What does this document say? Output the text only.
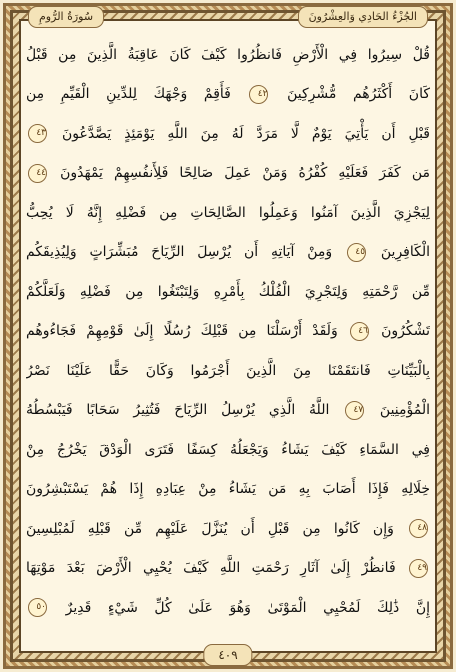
الجُزْءُ الحَادِي وَالعِشْرُونَ
سُورَةُ الرُّومِ
قُلْ سِيرُوا فِي الْأَرْضِ فَانظُرُوا كَيْفَ كَانَ عَاقِبَةُ الَّذِينَ مِن قَبْلُ
كَانَ أَكْثَرُهُم مُّشْرِكِينَ ٤٢ فَأَقِمْ وَجْهَكَ لِلدِّينِ الْقَيِّمِ مِن
قَبْلِ أَن يَأْتِيَ يَوْمٌ لَّا مَرَدَّ لَهُ مِنَ اللَّهِ يَوْمَئِذٍ يَصَّدَّعُونَ ٤٣
مَن كَفَرَ فَعَلَيْهِ كُفْرُهُ وَمَنْ عَمِلَ صَالِحًا فَلِأَنفُسِهِمْ يَمْهَدُونَ ٤٤
لِيَجْزِيَ الَّذِينَ آمَنُوا وَعَمِلُوا الصَّالِحَاتِ مِن فَضْلِهِ إِنَّهُ لَا يُحِبُّ
الْكَافِرِينَ ٤٥ وَمِنْ آيَاتِهِ أَن يُرْسِلَ الرِّيَاحَ مُبَشِّرَاتٍ وَلِيُذِيقَكُم
مِّن رَّحْمَتِهِ وَلِتَجْرِيَ الْفُلْكُ بِأَمْرِهِ وَلِتَبْتَغُوا مِن فَضْلِهِ وَلَعَلَّكُمْ
تَشْكُرُونَ ٤٦ وَلَقَدْ أَرْسَلْنَا مِن قَبْلِكَ رُسُلًا إِلَىٰ قَوْمِهِمْ فَجَاءُوهُم
بِالْبَيِّنَاتِ فَانتَقَمْنَا مِنَ الَّذِينَ أَجْرَمُوا وَكَانَ حَقًّا عَلَيْنَا نَصْرُ
الْمُؤْمِنِينَ ٤٧ اللَّهُ الَّذِي يُرْسِلُ الرِّيَاحَ فَتُثِيرُ سَحَابًا فَيَبْسُطُهُ
فِي السَّمَاءِ كَيْفَ يَشَاءُ وَيَجْعَلُهُ كِسَفًا فَتَرَى الْوَدْقَ يَخْرُجُ مِنْ
خِلَالِهِ فَإِذَا أَصَابَ بِهِ مَن يَشَاءُ مِنْ عِبَادِهِ إِذَا هُمْ يَسْتَبْشِرُونَ
٤٨ وَإِن كَانُوا مِن قَبْلِ أَن يُنَزَّلَ عَلَيْهِم مِّن قَبْلِهِ لَمُبْلِسِينَ
٤٩ فَانظُرْ إِلَىٰ آثَارِ رَحْمَتِ اللَّهِ كَيْفَ يُحْيِي الْأَرْضَ بَعْدَ مَوْتِهَا
إِنَّ ذَٰلِكَ لَمُحْيِي الْمَوْتَىٰ وَهُوَ عَلَىٰ كُلِّ شَيْءٍ قَدِيرٌ ٥٠
٤٠٩
